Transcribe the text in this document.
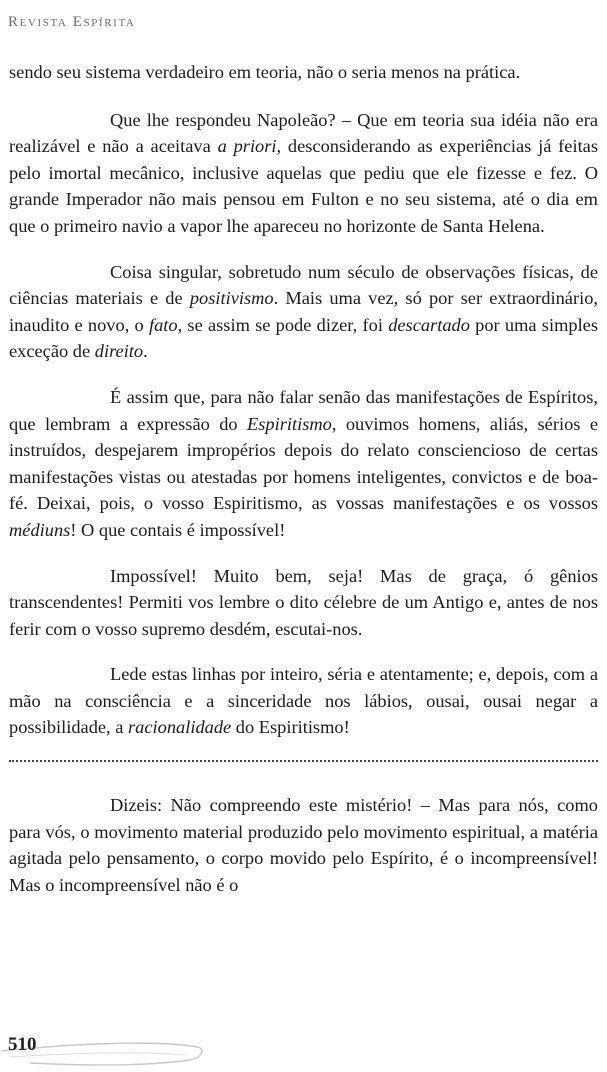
Revista Espírita

sendo seu sistema verdadeiro em teoria, não o seria menos na prática.

Que lhe respondeu Napoleão? – Que em teoria sua idéia não era realizável e não a aceitava a priori, desconsiderando as experiências já feitas pelo imortal mecânico, inclusive aquelas que pediu que ele fizesse e fez. O grande Imperador não mais pensou em Fulton e no seu sistema, até o dia em que o primeiro navio a vapor lhe apareceu no horizonte de Santa Helena.

Coisa singular, sobretudo num século de observações físicas, de ciências materiais e de positivismo. Mais uma vez, só por ser extraordinário, inaudito e novo, o fato, se assim se pode dizer, foi descartado por uma simples exceção de direito.

É assim que, para não falar senão das manifestações de Espíritos, que lembram a expressão do Espiritismo, ouvimos homens, aliás, sérios e instruídos, despejarem impropérios depois do relato consciencioso de certas manifestações vistas ou atestadas por homens inteligentes, convictos e de boa-fé. Deixai, pois, o vosso Espiritismo, as vossas manifestações e os vossos médiuns! O que contais é impossível!

Impossível! Muito bem, seja! Mas de graça, ó gênios transcendentes! Permiti vos lembre o dito célebre de um Antigo e, antes de nos ferir com o vosso supremo desdém, escutai-nos.

Lede estas linhas por inteiro, séria e atentamente; e, depois, com a mão na consciência e a sinceridade nos lábios, ousai, ousai negar a possibilidade, a racionalidade do Espiritismo!

Dizeis: Não compreendo este mistério! – Mas para nós, como para vós, o movimento material produzido pelo movimento espiritual, a matéria agitada pelo pensamento, o corpo movido pelo Espírito, é o incompreensível! Mas o incompreensível não é o

510
